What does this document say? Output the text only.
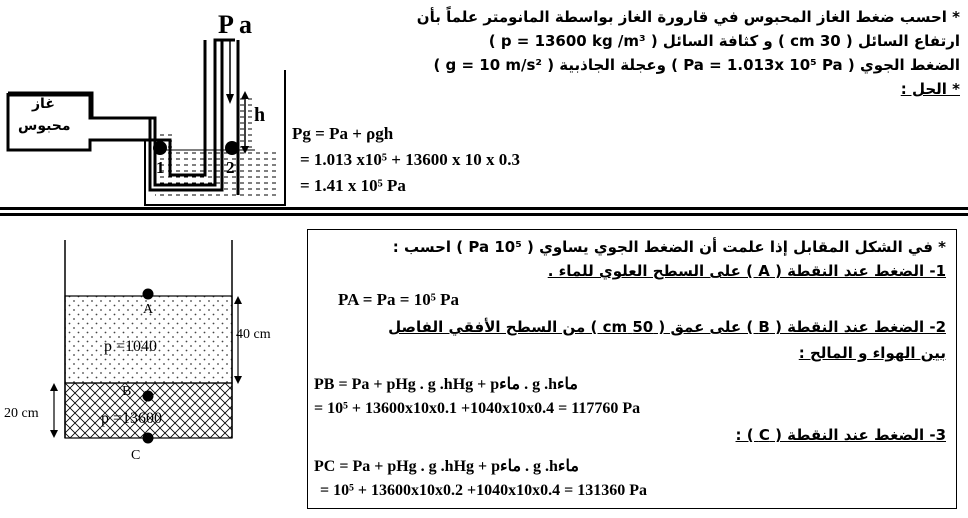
P a
h
غاز
محبوس
1	2
* احسب ضغط الغاز المحبوس في قارورة الغاز بواسطة المانومتر علماً بأن
ارتفاع السائل ( 30 cm ) و كثافة السائل ( p = 13600 kg /m³ )
الضغط الجوي ( Pa = 1.013x 10⁵ Pa ) وعجلة الجاذبية ( g = 10 m/s² )
* الحل :
Pg = Pa + ρgh
= 1.013 x10⁵ + 13600 x 10 x 0.3
= 1.41 x 10⁵ Pa
A
B
C
p =1040
p =13600
40 cm
20 cm
* في الشكل المقابل إذا علمت أن الضغط الجوي يساوي ( 10⁵ Pa ) احسب :
1- الضغط عند النقطة ( A ) على السطح العلوي للماء .
PA = Pa = 10⁵ Pa
2- الضغط عند النقطة ( B ) على عمق ( 50 cm ) من السطح الأفقي الفاصل
بين الهواء و المالح :
PB = Pa + pHg . g .hHg + pماء . g .hماء
= 10⁵ + 13600x10x0.1 +1040x10x0.4 = 117760 Pa
3- الضغط عند النقطة ( C ) :
PC = Pa + pHg . g .hHg + pماء . g .hماء
= 10⁵ + 13600x10x0.2 +1040x10x0.4 = 131360 Pa
